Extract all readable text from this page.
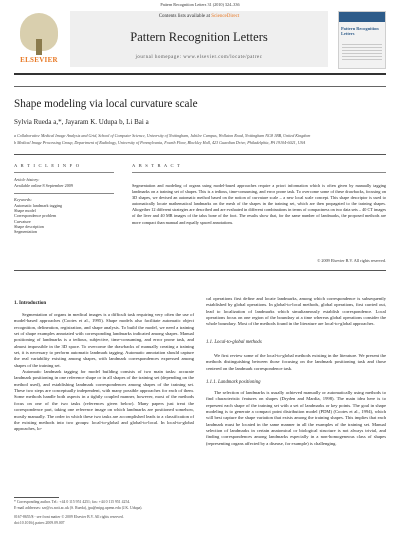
Pattern Recognition Letters 31 (2010) 324–336
ELSEVIER
Contents lists available at ScienceDirect
Pattern Recognition Letters
journal homepage: www.elsevier.com/locate/patrec
Pattern Recognition Letters
Shape modeling via local curvature scale
Sylvia Rueda a,*, Jayaram K. Udupa b, Li Bai a
a Collaborative Medical Image Analysis and Grid, School of Computer Science, University of Nottingham, Jubilee Campus, Wollaton Road, Nottingham NG8 1BB, United Kingdom
b Medical Image Processing Group, Department of Radiology, University of Pennsylvania, Fourth Floor, Blockley Hall, 423 Guardian Drive, Philadelphia, PA 19104-6021, USA
A R T I C L E I N F O
Article history:
Available online 8 September 2009
Keywords:
Automatic landmark tagging
Shape model
Correspondence problem
Curvature
Shape description
Segmentation
A B S T R A C T
Segmentation and modeling of organs using model-based approaches require a priori information which is often given by manually tagging landmarks on a training set of shapes. This is a tedious, time-consuming, and error prone task. To overcome some of these drawbacks, focusing on 3D shapes, we devised an automatic method based on the notion of curvature scale – a new local scale concept. This shape descriptor is used to automatically locate mathematical landmarks on the mesh of the shapes in the training set, which are then propagated to the training shapes. Altogether 12 different strategies are described and are evaluated in different combinations in terms of compactness on two data sets – 40 CT images of the liver and 40 MR images of the talus bone of the foot. The results show that, for the same number of landmarks, the proposed methods are more compact than manual and equally spaced annotations.
© 2009 Elsevier B.V. All rights reserved.
1. Introduction

Segmentation of organs in medical images is a difficult task requiring very often the use of model-based approaches (Cootes et al., 1995). Shape models also facilitate automatic object recognition, delineation, registration, and shape analysis. To build the model, we need a training set of shape examples annotated with corresponding landmarks indicated among shapes. Manual positioning of landmarks is a tedious, subjective, time-consuming, and error prone task, and almost impossible in the 3D space. To overcome the drawbacks of manually creating a training set, it is necessary to perform automatic landmark tagging. Automatic annotation should capture the real variability existing among shapes, with landmark correspondences expressed among shapes of the training set.

Automatic landmark tagging for model building consists of two main tasks: accurate landmark positioning in one reference shape or in all shapes of the training set (depending on the method used), and establishing landmark correspondences among shapes of the training set. These two steps are conceptually independent, with many possible approaches for each of them. Some methods handle both aspects in a tightly coupled manner, however, most of the methods focus on one of the two tasks (references given below). Many papers just treat the correspondence part, taking one reference image on which landmarks are positioned somehow, mostly manually. The order in which these two tasks are accomplished leads to a classification of the existing methods into two groups: local-to-global and global-to-local. In local-to-global approaches, lo-

cal operations first define and locate landmarks, among which correspondence is subsequently established by global operations. In global-to-local methods, global operations, first carried out, lead to localization of landmarks which simultaneously establish correspondence. Local operations focus on one region of the boundary at a time whereas global operations consider the whole boundary. Most of the methods found in the literature are local-to-global approaches.

1.1. Local-to-global methods

We first review some of the local-to-global methods existing in the literature. We present the methods distinguishing between those focusing on the landmark positioning task and those centered on the landmark correspondence task.

1.1.1. Landmark positioning

The selection of landmarks is usually achieved manually or automatically using methods to find characteristic features on shapes (Dryden and Mardia, 1998). The main idea here is to represent each shape of the training set with a set of landmarks or key points. The goal in shape modeling is to generate a compact point distribution model (PDM) (Cootes et al., 1994), which will best capture the shape variation that exists among the training shapes. This implies that each landmark must be located in the same manner in all the examples of the training set. Manual selection of landmarks in certain anatomical or biological structure is not always trivial, and finding correspondences among landmarks especially in a non-homogeneous class of shapes (representing organs affected by a disease, for example) is challenging.

* Corresponding author. Tel.: +44 0 115 951 4251; fax: +44 0 115 951 4254.
E-mail addresses: szr@cs.nott.ac.uk (S. Rueda), jpu@mipg.upenn.edu (J.K. Udupa).
0167-8655/$ - see front matter © 2009 Elsevier B.V. All rights reserved.
doi:10.1016/j.patrec.2009.09.007
